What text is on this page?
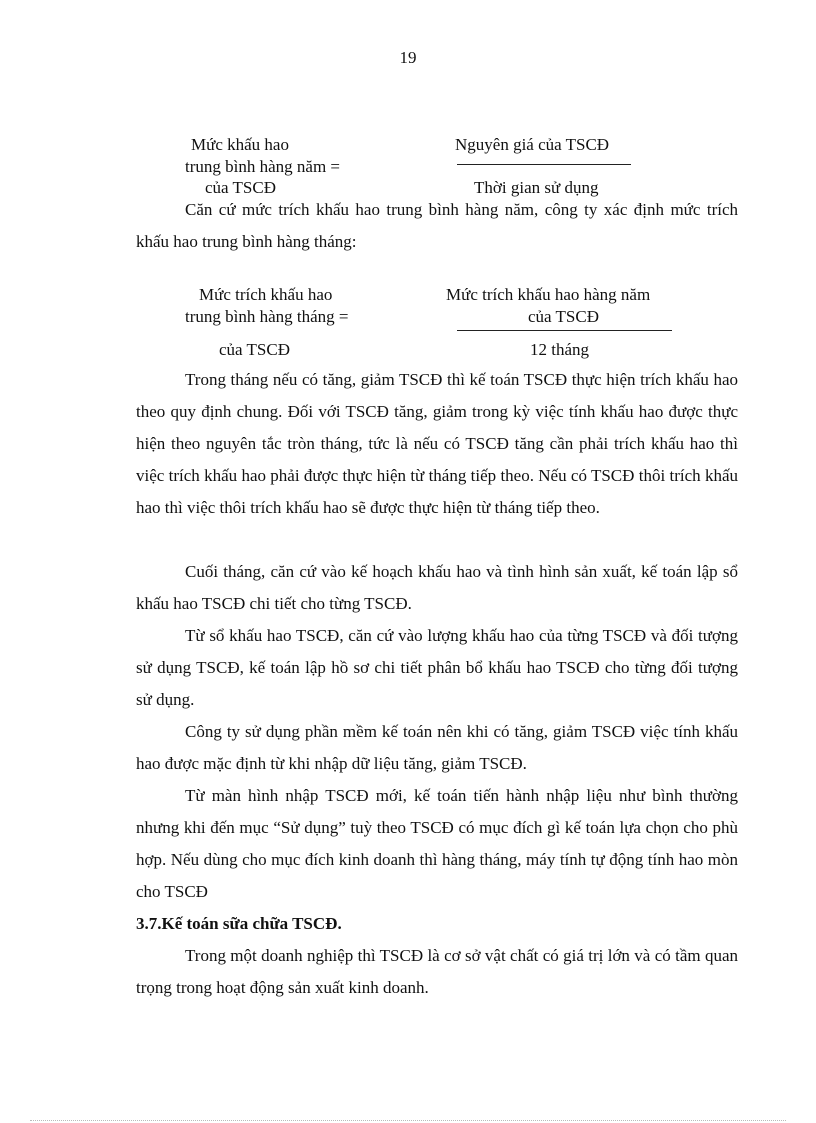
19
Mức khấu hao
trung bình hàng năm =
của TSCĐ
Nguyên giá của TSCĐ
Thời gian sử dụng

Căn cứ mức trích khấu hao trung bình hàng năm, công ty xác định mức trích khấu hao trung bình hàng tháng:

Mức trích khấu hao
trung bình hàng tháng =
của TSCĐ
Mức trích khấu hao hàng năm
của TSCĐ
12 tháng

Trong tháng nếu có tăng, giảm TSCĐ thì kế toán TSCĐ thực hiện trích khấu hao theo quy định chung. Đối với TSCĐ tăng, giảm trong kỳ việc tính khấu hao được thực hiện theo nguyên tắc tròn tháng, tức là nếu có TSCĐ tăng cần phải trích khấu hao thì việc trích khấu hao phải được thực hiện từ tháng tiếp theo. Nếu có TSCĐ thôi trích khấu hao thì việc thôi trích khấu hao sẽ được thực hiện từ tháng tiếp theo.

Cuối tháng, căn cứ vào kế hoạch khấu hao và tình hình sản xuất, kế toán lập sổ khấu hao TSCĐ chi tiết cho từng TSCĐ.

Từ sổ khấu hao TSCĐ, căn cứ vào lượng khấu hao của từng TSCĐ và đối tượng sử dụng TSCĐ, kế toán lập hồ sơ chi tiết phân bổ khấu hao TSCĐ cho từng đối tượng sử dụng.

Công ty sử dụng phần mềm kế toán nên khi có tăng, giảm TSCĐ việc tính khấu hao được mặc định từ khi nhập dữ liệu tăng, giảm TSCĐ.

Từ màn hình nhập TSCĐ mới, kế toán tiến hành nhập liệu như bình thường nhưng khi đến mục “Sử dụng” tuỳ theo TSCĐ có mục đích gì kế toán lựa chọn cho phù hợp. Nếu dùng cho mục đích kinh doanh thì hàng tháng, máy tính tự động tính hao mòn cho TSCĐ

3.7.Kế toán sữa chữa TSCĐ.

Trong một doanh nghiệp thì TSCĐ là cơ sở vật chất có giá trị lớn và có tầm quan trọng trong hoạt động sản xuất kinh doanh.
